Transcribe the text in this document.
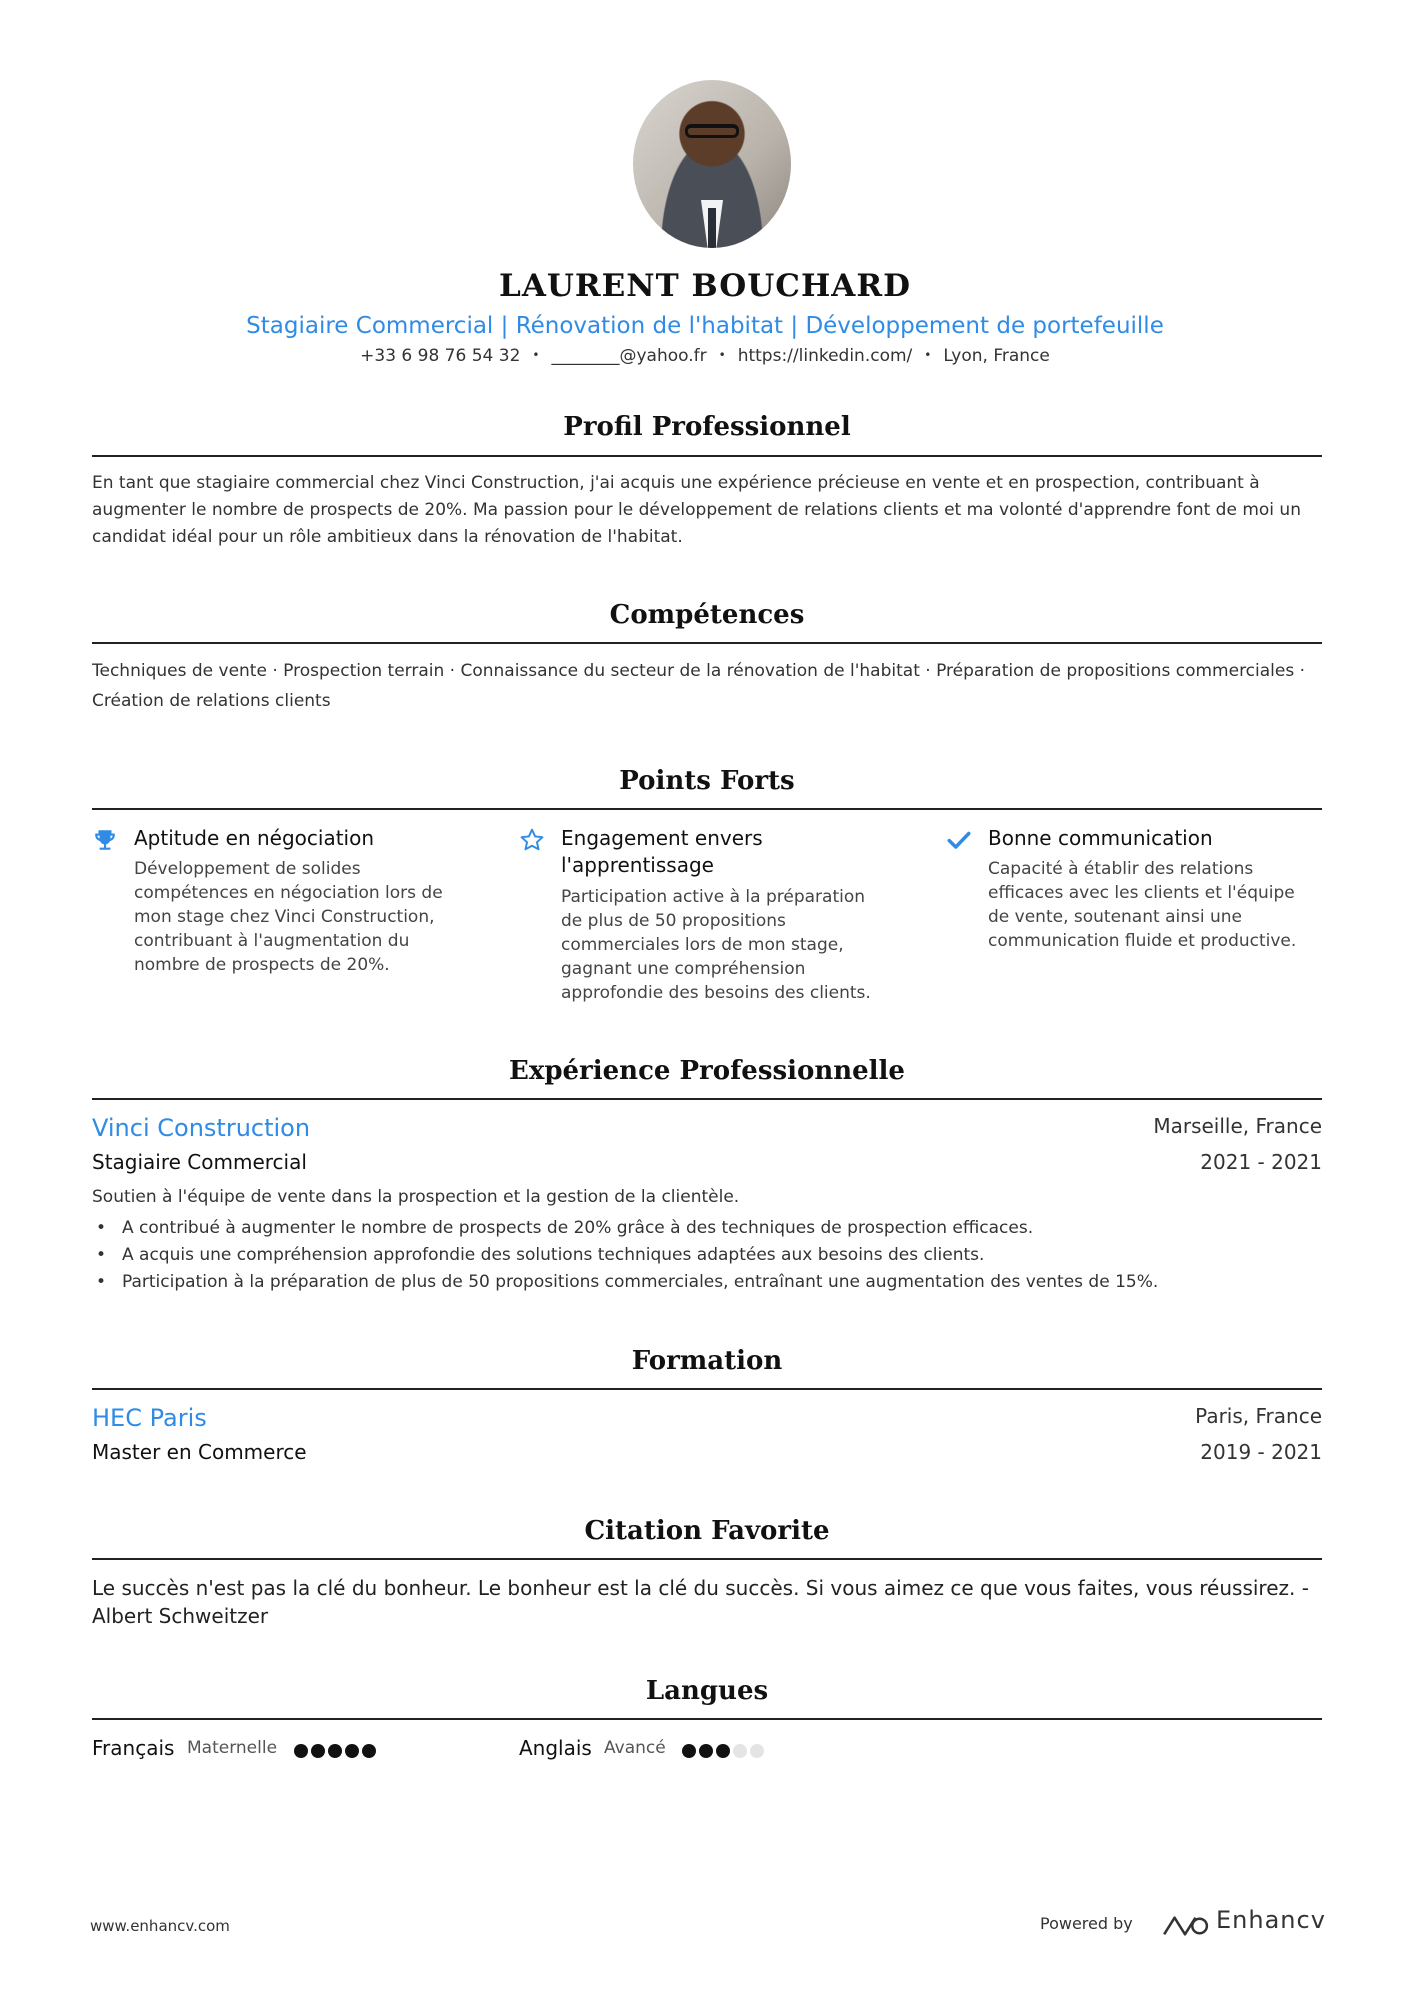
LAURENT BOUCHARD
Stagiaire Commercial | Rénovation de l'habitat | Développement de portefeuille
+33 6 98 76 54 32 • ________@yahoo.fr • https://linkedin.com/ • Lyon, France
Profil Professionnel
En tant que stagiaire commercial chez Vinci Construction, j'ai acquis une expérience précieuse en vente et en prospection, contribuant à augmenter le nombre de prospects de 20%. Ma passion pour le développement de relations clients et ma volonté d'apprendre font de moi un candidat idéal pour un rôle ambitieux dans la rénovation de l'habitat.
Compétences
Techniques de vente · Prospection terrain · Connaissance du secteur de la rénovation de l'habitat · Préparation de propositions commerciales · Création de relations clients
Points Forts
Aptitude en négociation
Développement de solides compétences en négociation lors de mon stage chez Vinci Construction, contribuant à l'augmentation du nombre de prospects de 20%.
Engagement envers l'apprentissage
Participation active à la préparation de plus de 50 propositions commerciales lors de mon stage, gagnant une compréhension approfondie des besoins des clients.
Bonne communication
Capacité à établir des relations efficaces avec les clients et l'équipe de vente, soutenant ainsi une communication fluide et productive.
Expérience Professionnelle
Vinci Construction	Marseille, France
Stagiaire Commercial	2021 - 2021
Soutien à l'équipe de vente dans la prospection et la gestion de la clientèle.
• A contribué à augmenter le nombre de prospects de 20% grâce à des techniques de prospection efficaces.
• A acquis une compréhension approfondie des solutions techniques adaptées aux besoins des clients.
• Participation à la préparation de plus de 50 propositions commerciales, entraînant une augmentation des ventes de 15%.
Formation
HEC Paris	Paris, France
Master en Commerce	2019 - 2021
Citation Favorite
Le succès n'est pas la clé du bonheur. Le bonheur est la clé du succès. Si vous aimez ce que vous faites, vous réussirez. - Albert Schweitzer
Langues
Français Maternelle	Anglais Avancé
www.enhancv.com	Powered by	Enhancv
